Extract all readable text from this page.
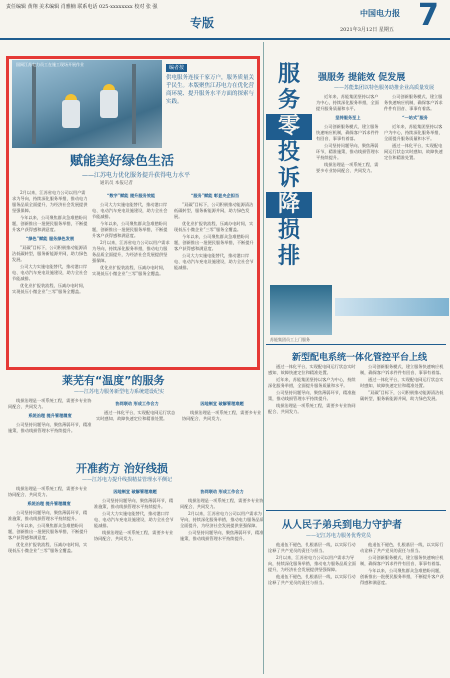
责任编辑 黄翔 美术编辑 肖雅楠 联系电话 025-xxxxxxxx 校对 张 强
专版
中国电力报 7
2021年3月12日 星期五
国网江苏电力员工在施工现场开展作业
编者按
供电服务连接千家万户，服务质量关乎民生。本版聚焦江苏电力在优化营商环境、提升服务水平方面的探索与实践。
赋能美好绿色生活
——江苏电力优化服务提升获得电力水平
通讯员 本报记者

2月以来，江苏省电力公司以用户需求为导向，持续深化服务举措，推动电力服务品质全面提升，为经济社会发展提供坚强保障。

今年以来，公司聚焦群众急难愁盼问题，创新推出一批便民服务举措，不断提升客户获得感和满意度。

“绿色”赋能 服务绿色发展

“双碳”目标下，公司积极推动能源清洁低碳转型，服务新能源并网，助力绿色发展。

公司大力实施电能替代，推动港口岸电、电动汽车充电设施建设，助力全社会节能减排。

优化业扩报装流程，压减办电时间，实现低压小微企业“三零”服务全覆盖。

“数字”赋能 提升服务效能

公司大力实施电能替代，推动港口岸电、电动汽车充电设施建设，助力全社会节能减排。

今年以来，公司聚焦群众急难愁盼问题，创新推出一批便民服务举措，不断提升客户获得感和满意度。

2月以来，江苏省电力公司以用户需求为导向，持续深化服务举措，推动电力服务品质全面提升，为经济社会发展提供坚强保障。

优化业扩报装流程，压减办电时间，实现低压小微企业“三零”服务全覆盖。

“服务”赋能 彰显央企担当

“双碳”目标下，公司积极推动能源清洁低碳转型，服务新能源并网，助力绿色发展。

优化业扩报装流程，压减办电时间，实现低压小微企业“三零”服务全覆盖。

今年以来，公司聚焦群众急难愁盼问题，创新推出一批便民服务举措，不断提升客户获得感和满意度。

公司大力实施电能替代，推动港口岸电、电动汽车充电设施建设，助力全社会节能减排。

服
务
零
投
诉
降
损
排
强服务 提能效 促发展
——苏能集团以特色服务助推企业高质量发展

近年来，苏能集团坚持以客户为中心，持续深化服务举措，全面提升服务质量和水平。

坚持服务至上

公司创新服务模式，建立服务快速响应机制，确保客户诉求件件有回音、事事有着落。

公司坚持问题导向，聚焦薄弱环节，精准施策，推动线损管理水平持续提升。

线损治理是一项系统工程，需要多专业协同配合、共同发力。

公司创新服务模式，建立服务快速响应机制，确保客户诉求件件有回音、事事有着落。

“一站式”服务

近年来，苏能集团坚持以客户为中心，持续深化服务举措，全面提升服务质量和水平。

通过一体化平台，实现配电网运行状态实时感知、故障快速定位和精准处置。

苏能集团员工上门服务
莱芜有“温度”的服务
——江苏电力服务新型电力系统建设纪实

线损治理是一项系统工程，需要多专业协同配合、共同发力。

系统治理 提升管理精度

公司坚持问题导向，聚焦薄弱环节，精准施策，推动线损管理水平持续提升。

协同联动 形成工作合力

通过一体化平台，实现配电网运行状态实时感知、故障快速定位和精准处置。

因地制宜 破解管理难题

线损治理是一项系统工程，需要多专业协同配合、共同发力。

新型配电系统一体化管控平台上线

通过一体化平台，实现配电网运行状态实时感知、故障快速定位和精准处置。

近年来，苏能集团坚持以客户为中心，持续深化服务举措，全面提升服务质量和水平。

公司坚持问题导向，聚焦薄弱环节，精准施策，推动线损管理水平持续提升。

线损治理是一项系统工程，需要多专业协同配合、共同发力。

公司创新服务模式，建立服务快速响应机制，确保客户诉求件件有回音、事事有着落。

通过一体化平台，实现配电网运行状态实时感知、故障快速定位和精准处置。

“双碳”目标下，公司积极推动能源清洁低碳转型，服务新能源并网，助力绿色发展。

开准药方 治好线损
——江苏电力提升线损精益管理水平侧记

线损治理是一项系统工程，需要多专业协同配合、共同发力。

系统治理 提升管理精度

公司坚持问题导向，聚焦薄弱环节，精准施策，推动线损管理水平持续提升。

今年以来，公司聚焦群众急难愁盼问题，创新推出一批便民服务举措，不断提升客户获得感和满意度。

优化业扩报装流程，压减办电时间，实现低压小微企业“三零”服务全覆盖。

因地制宜 破解管理难题

公司坚持问题导向，聚焦薄弱环节，精准施策，推动线损管理水平持续提升。

公司大力实施电能替代，推动港口岸电、电动汽车充电设施建设，助力全社会节能减排。

线损治理是一项系统工程，需要多专业协同配合、共同发力。

协同联动 形成工作合力

线损治理是一项系统工程，需要多专业协同配合、共同发力。

2月以来，江苏省电力公司以用户需求为导向，持续深化服务举措，推动电力服务品质全面提升，为经济社会发展提供坚强保障。

公司坚持问题导向，聚焦薄弱环节，精准施策，推动线损管理水平持续提升。

从人民子弟兵到电力守护者
——记江苏电力服务优秀党员

他退伍不褪色，扎根基层一线，以实际行动诠释了共产党员的责任与担当。

2月以来，江苏省电力公司以用户需求为导向，持续深化服务举措，推动电力服务品质全面提升，为经济社会发展提供坚强保障。

他退伍不褪色，扎根基层一线，以实际行动诠释了共产党员的责任与担当。

他退伍不褪色，扎根基层一线，以实际行动诠释了共产党员的责任与担当。

公司创新服务模式，建立服务快速响应机制，确保客户诉求件件有回音、事事有着落。

今年以来，公司聚焦群众急难愁盼问题，创新推出一批便民服务举措，不断提升客户获得感和满意度。
